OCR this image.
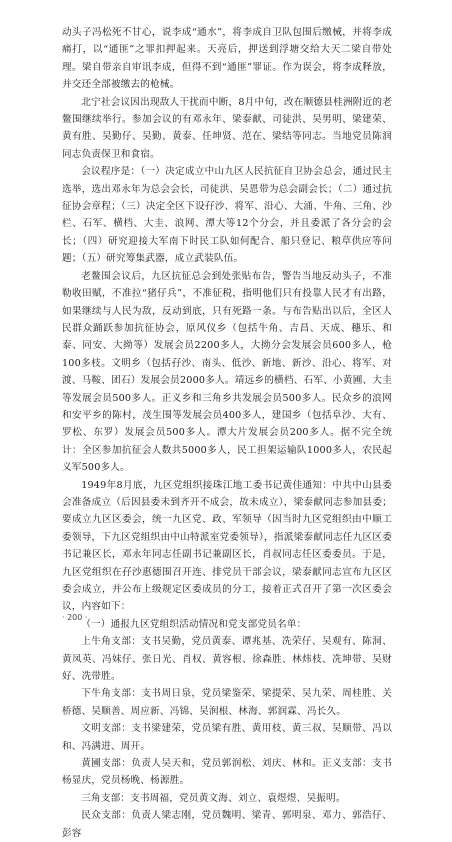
动头子冯松死不甘心，说李成“通水”，将李成自卫队包围后缴械，并将李成痛打，以“通匪”之罪扣押起来。天亮后，押送到浮塘交给大天二梁自带处理。梁自带亲自审讯李成，但得不到“通匪”罪证。作为误会，将李成释放，并交还全部被缴去的枪械。

北宁社会议因出现敌人干扰而中断，8月中旬，改在顺德县桂洲附近的老鳌围继续举行。参加会议的有邓永年、梁泰献、司徒洪、吴男明、梁建荣、黄有胜、吴勤仔、吴勤、黄泰、任坤贤、范在、梁结等同志。当地党员陈润同志负责保卫和食宿。

会议程序是：（一）决定成立中山九区人民抗征自卫协会总会，通过民主选举，选出邓永年为总会会长，司徒洪、吴恩带为总会副会长；（二）通过抗征协会章程；（三）决定全区下设孖沙、将军、沿心、大涌、牛角、三角、沙栏、石军、横档、大圭、浪网、潭大等12个分会，并且委派了各分会的会长；（四）研究迎接大军南下时民工队如何配合、船只登记、粮草供应等问题；（五）研究筹集武器，成立武装队伍。

老鳌围会议后，九区抗征总会到处张贴布告，警告当地反动头子，不准勒收田赋，不准拉“猪仔兵”，不准征税，指明他们只有投靠人民才有出路，如果继续与人民为敌，反动到底，只有死路一条。与布告贴出以后，全区人民群众踊跃参加抗征协会，原风仪乡（包括牛角、吉昌、天成、穗乐、和泰、同安、大拗等）发展会员2200多人，大拗分会发展会员600多人，枪100多枝。文明乡（包括孖沙、南头、低沙、新地、新沙、沿心、将军、对渡、马鞍、团石）发展会员2000多人。靖远乡的横档、石军、小黄圃、大圭等发展会员500多人。正义乡和三角乡共发展会员500多人。民众乡的浪网和安平乡的陈村，茂生围等发展会员400多人，建国乡（包括阜沙、大有、罗松、东罗）发展会员500多人。潭大片发展会员200多人。据不完全统计：全区参加抗征会人数共5000多人，民工担架运输队1000多人，农民起义军500多人。

1949年8月底，九区党组织接珠江地工委书记黄佳通知：中共中山县委会准备成立（后因县委未到齐开不成会，故未成立），梁泰献同志参加县委；要成立九区区委会，统一九区党、政、军领导（因当时九区党组织由中顺工委领导，下九区党组织由中山特派室党委领导），指派梁泰献同志任九区区委书记兼区长，邓永年同志任副书记兼副区长，肖叔同志任区委委员。于是，九区党组织在孖沙惠德围召开连、排党员干部会议，梁泰献同志宣布九区区委会成立，并公布上级规定区委成员的分工，接着正式召开了第一次区委会议，内容如下：

（一）通报九区党组织活动情况和党支部党员名单：

上牛角支部：支书吴勤，党员黄泰、谭兆基、冼荣仔、吴观有、陈洞、黄凤英、冯妹仔、张日光、肖权、黄容根、徐森胜、林炜枝、冼坤带、吴财好、冼带胜。

下牛角支部：支书周日泉，党员梁鉴荣、梁提荣、吴九荣、周桂胜、关桥德、吴顺善、周应新、冯锦、吴润根、林海、郭润霖、冯长久。

文明支部：支书梁建荣，党员梁有胜、黄用枝、黄三叔、吴顺带、冯以和、冯满进、周开。

黄圃支部：负责人吴天和，党员郭润松、刘庆、林和。正义支部：支书杨显庆，党员杨晚、杨源胜。

三角支部：支书周福，党员黄文海、刘立、袁煜煜、吴振明。

民众支部：负责人梁志刚，党员魏明、梁青、郭明泉、邓力、郭浩仔、彭容

· 200 ·
